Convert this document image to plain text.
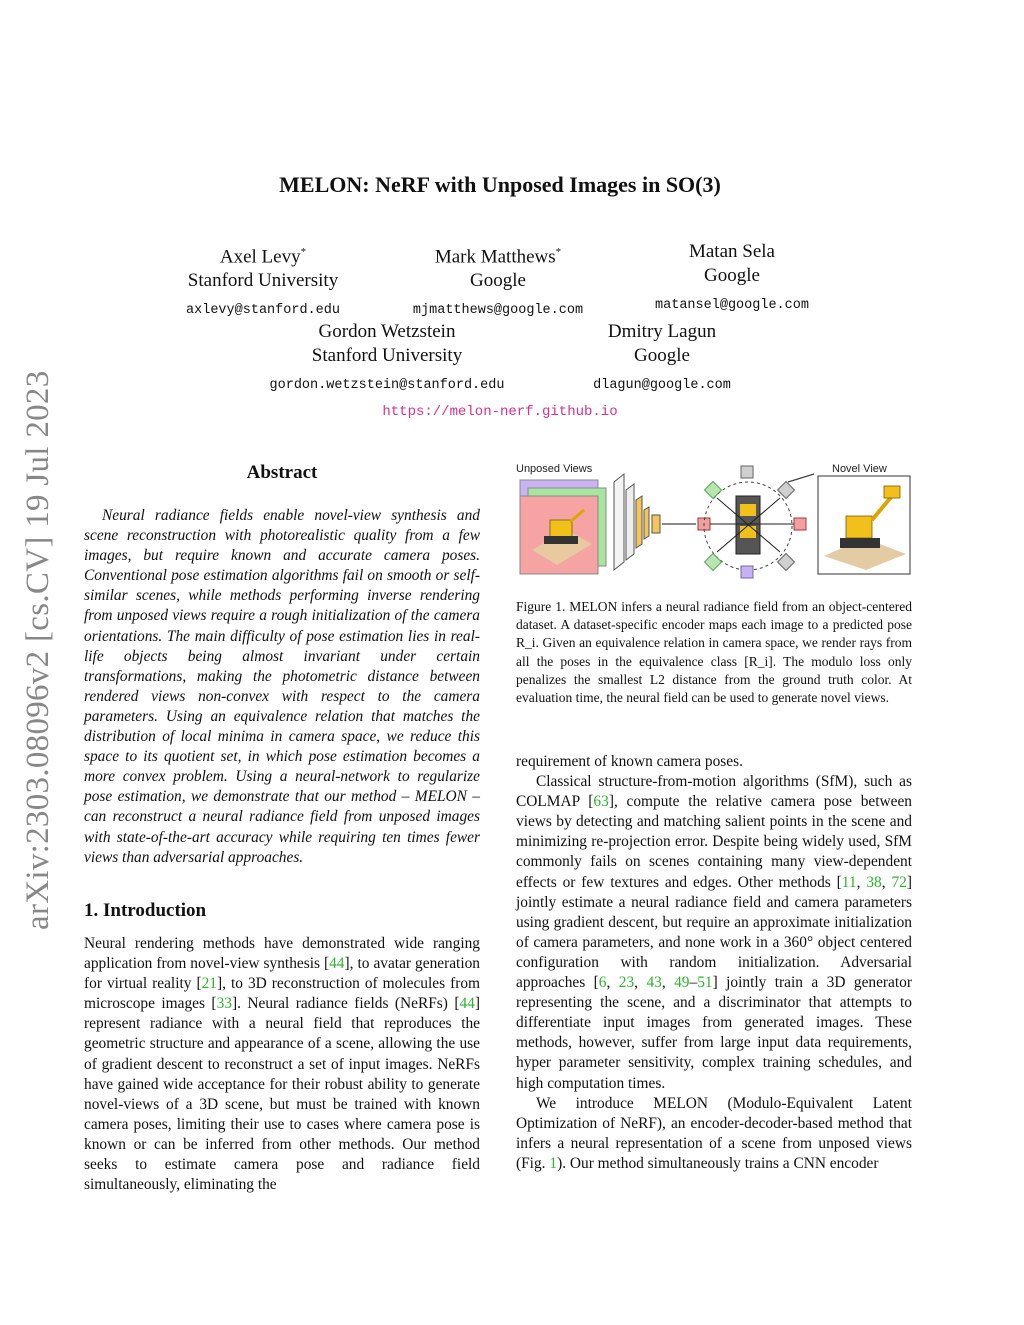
arXiv:2303.08096v2 [cs.CV] 19 Jul 2023
MELON: NeRF with Unposed Images in SO(3)
Axel Levy*
Stanford University
axlevy@stanford.edu
Mark Matthews*
Google
mjmatthews@google.com
Matan Sela
Google
matansel@google.com
Gordon Wetzstein
Stanford University
gordon.wetzstein@stanford.edu
Dmitry Lagun
Google
dlagun@google.com
https://melon-nerf.github.io
Abstract
Neural radiance fields enable novel-view synthesis and scene reconstruction with photorealistic quality from a few images, but require known and accurate camera poses. Conventional pose estimation algorithms fail on smooth or self-similar scenes, while methods performing inverse rendering from unposed views require a rough initialization of the camera orientations. The main difficulty of pose estimation lies in real-life objects being almost invariant under certain transformations, making the photometric distance between rendered views non-convex with respect to the camera parameters. Using an equivalence relation that matches the distribution of local minima in camera space, we reduce this space to its quotient set, in which pose estimation becomes a more convex problem. Using a neural-network to regularize pose estimation, we demonstrate that our method – MELON – can reconstruct a neural radiance field from unposed images with state-of-the-art accuracy while requiring ten times fewer views than adversarial approaches.
Unposed Views	Novel View
Figure 1. MELON infers a neural radiance field from an object-centered dataset. A dataset-specific encoder maps each image to a predicted pose R_i. Given an equivalence relation in camera space, we render rays from all the poses in the equivalence class [R_i]. The modulo loss only penalizes the smallest L2 distance from the ground truth color. At evaluation time, the neural field can be used to generate novel views.
1. Introduction

Neural rendering methods have demonstrated wide ranging application from novel-view synthesis [44], to avatar generation for virtual reality [21], to 3D reconstruction of molecules from microscope images [33]. Neural radiance fields (NeRFs) [44] represent radiance with a neural field that reproduces the geometric structure and appearance of a scene, allowing the use of gradient descent to reconstruct a set of input images. NeRFs have gained wide acceptance for their robust ability to generate novel-views of a 3D scene, but must be trained with known camera poses, limiting their use to cases where camera pose is known or can be inferred from other methods. Our method seeks to estimate camera pose and radiance field simultaneously, eliminating the

requirement of known camera poses.

Classical structure-from-motion algorithms (SfM), such as COLMAP [63], compute the relative camera pose between views by detecting and matching salient points in the scene and minimizing re-projection error. Despite being widely used, SfM commonly fails on scenes containing many view-dependent effects or few textures and edges. Other methods [11, 38, 72] jointly estimate a neural radiance field and camera parameters using gradient descent, but require an approximate initialization of camera parameters, and none work in a 360° object centered configuration with random initialization. Adversarial approaches [6, 23, 43, 49–51] jointly train a 3D generator representing the scene, and a discriminator that attempts to differentiate input images from generated images. These methods, however, suffer from large input data requirements, hyper parameter sensitivity, complex training schedules, and high computation times.

We introduce MELON (Modulo-Equivalent Latent Optimization of NeRF), an encoder-decoder-based method that infers a neural representation of a scene from unposed views (Fig. 1). Our method simultaneously trains a CNN encoder
